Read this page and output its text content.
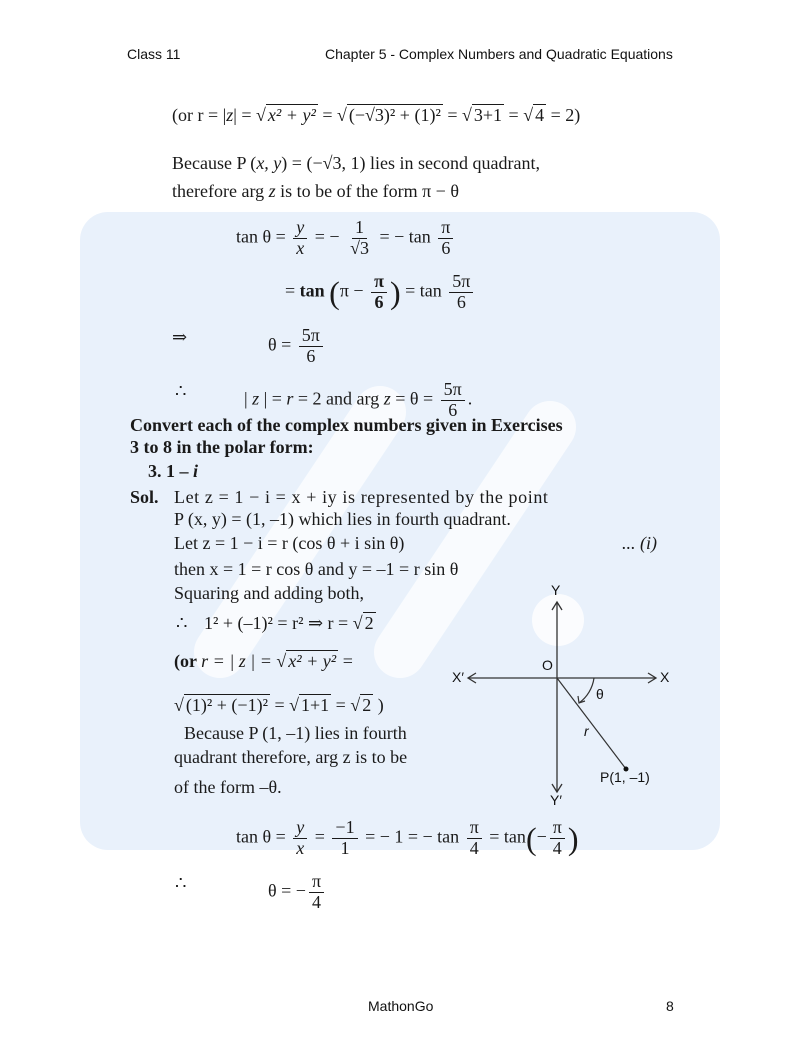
Class 11	Chapter 5 - Complex Numbers and Quadratic Equations
(or r = |z| = √ x² + y² = √ (−√3)² + (1)² = √ 3+1 = √ 4 = 2)
Because P (x, y) = (−√3, 1) lies in second quadrant,
therefore arg z is to be of the form π − θ
$\tan \theta = \frac{y}{x}$ = − $\frac{1}{√3}$ = − $\tan \frac{\pi}{6}$
= $\tan (\pi - \frac{\pi}{6}$ ) = $\tan \frac{5\pi}{6}$
⇒	$\theta = \frac{5\pi}{6}$
∴	| z | = r = 2 and arg $z = \theta = \frac{5\pi}{6}$ .
Convert each of the complex numbers given in Exercises
3 to 8 in the polar form:
3. 1 – i
Sol. Let z = 1 − i = x + iy is represented by the point
P (x, y) = (1, –1) which lies in fourth quadrant.
Let z = 1 − i = r (cos θ + i sin θ)	... (i)
then x = 1 = r cos θ and y = –1 = r sin θ
Squaring and adding both,
∴ 1² + (–1)² = r² ⇒ r = √ 2
(or r = | z | = √ x² + y² =
√ (1)² + (−1)² = √ 1+1 = √ 2 )
Because P (1, –1) lies in fourth
quadrant therefore, arg z is to be
of the form –θ.
Y
Y′
X
X′
O
θ
r
P(1, –1)
$\tan \theta = \frac{y}{x} = \frac{-1}{1}$ = − 1 = − $\tan \frac{\pi}{4} = \tan(- \frac{\pi}{4}$ )
∴	θ = − $\frac{\pi}{4}$
MathonGo	8
